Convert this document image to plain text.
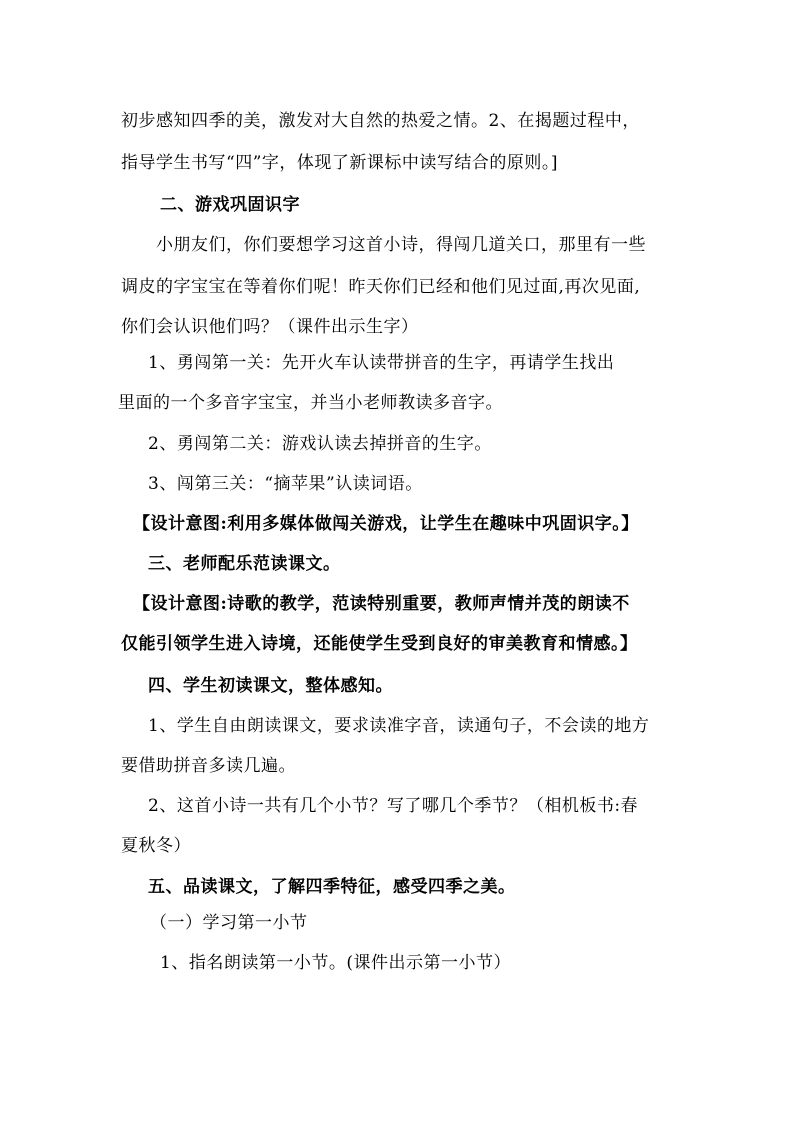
初步感知四季的美，激发对大自然的热爱之情。2、在揭题过程中，
指导学生书写“四”字，体现了新课标中读写结合的原则。]
二、游戏巩固识字
小朋友们，你们要想学习这首小诗，得闯几道关口，那里有一些
调皮的字宝宝在等着你们呢！昨天你们已经和他们见过面,再次见面,
你们会认识他们吗？（课件出示生字）
1、勇闯第一关：先开火车认读带拼音的生字，再请学生找出
里面的一个多音字宝宝，并当小老师教读多音字。
2、勇闯第二关：游戏认读去掉拼音的生字。
3、闯第三关：“摘苹果”认读词语。
【设计意图:利用多媒体做闯关游戏，让学生在趣味中巩固识字。】
三、老师配乐范读课文。
【设计意图:诗歌的教学，范读特别重要，教师声情并茂的朗读不
仅能引领学生进入诗境，还能使学生受到良好的审美教育和情感。】
四、学生初读课文，整体感知。
1、学生自由朗读课文，要求读准字音，读通句子，不会读的地方
要借助拼音多读几遍。
2、这首小诗一共有几个小节？写了哪几个季节？（相机板书:春
夏秋冬）
五、品读课文，了解四季特征，感受四季之美。
（一）学习第一小节
1、指名朗读第一小节。(课件出示第一小节）
